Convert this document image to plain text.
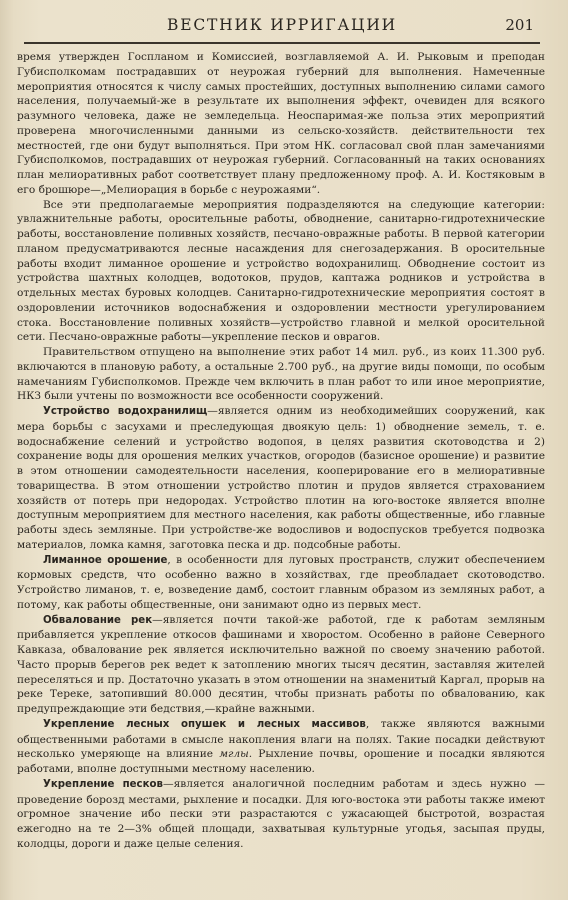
ВЕСТНИК ИРРИГАЦИИ	201

время утвержден Госпланом и Комиссией, возглавляемой А. И. Рыковым и преподан Губисполкомам пострадавших от неурожая губерний для выполнения. Намеченные мероприятия относятся к числу самых простейших, доступных выполнению силами самого населения, получаемый-же в результате их выполнения эффект, очевиден для всякого разумного человека, даже не земледельца. Неоспаримая-же польза этих мероприятий проверена многочисленными данными из сельско-хозяйств. действительности тех местностей, где они будут выполняться. При этом НК. согласовал свой план замечаниями Губисполкомов, пострадавших от неурожая губерний. Согласованный на таких основаниях план мелиоративных работ соответствует плану предложенному проф. А. И. Костяковым в его брошюре—„Мелиорация в борьбе с неурожаями“.

Все эти предполагаемые мероприятия подразделяются на следующие категории: увлажнительные работы, оросительные работы, обводнение, санитарно-гидротехнические работы, восстановление поливных хозяйств, песчано-овражные работы. В первой категории планом предусматриваются лесные насаждения для снегозадержания. В оросительные работы входит лиманное орошение и устройство водохранилищ. Обводнение состоит из устройства шахтных колодцев, водотоков, прудов, каптажа родников и устройства в отдельных местах буровых колодцев. Санитарно-гидротехнические мероприятия состоят в оздоровлении источников водоснабжения и оздоровлении местности урегулированием стока. Восстановление поливных хозяйств—устройство главной и мелкой оросительной сети. Песчано-овражные работы—укрепление песков и оврагов.

Правительством отпущено на выполнение этих работ 14 мил. руб., из коих 11.300 руб. включаются в плановую работу, а остальные 2.700 руб., на другие виды помощи, по особым намечаниям Губисполкомов. Прежде чем включить в план работ то или иное мероприятие, НКЗ были учтены по возможности все особенности сооружений.

Устройство водохранилищ—является одним из необходимейших сооружений, как мера борьбы с засухами и преследующая двоякую цель: 1) обводнение земель, т. е. водоснабжение селений и устройство водопоя, в целях развития скотоводства и 2) сохранение воды для орошения мелких участков, огородов (базисное орошение) и развитие в этом отношении самодеятельности населения, кооперирование его в мелиоративные товарищества. В этом отношении устройство плотин и прудов является страхованием хозяйств от потерь при недородах. Устройство плотин на юго-востоке является вполне доступным мероприятием для местного населения, как работы общественные, ибо главные работы здесь земляные. При устройстве-же водосливов и водоспусков требуется подвозка материалов, ломка камня, заготовка песка и др. подсобные работы.

Лиманное орошение, в особенности для луговых пространств, служит обеспечением кормовых средств, что особенно важно в хозяйствах, где преобладает скотоводство. Устройство лиманов, т. е, возведение дамб, состоит главным образом из земляных работ, а потому, как работы общественные, они занимают одно из первых мест.

Обвалование рек—является почти такой-же работой, где к работам земляным прибавляется укрепление откосов фашинами и хворостом. Особенно в районе Северного Кавказа, обвалование рек является исключительно важной по своему значению работой. Часто прорыв берегов рек ведет к затоплению многих тысяч десятин, заставляя жителей переселяться и пр. Достаточно указать в этом отношении на знаменитый Каргал, прорыв на реке Тереке, затопивший 80.000 десятин, чтобы признать работы по обвалованию, как предупреждающие эти бедствия,—крайне важными.

Укрепление лесных опушек и лесных массивов, также являются важными общественными работами в смысле накопления влаги на полях. Такие посадки действуют несколько умеряюще на влияние мглы. Рыхление почвы, орошение и посадки являются работами, вполне доступными местному населению.

Укрепление песков—является аналогичной последним работам и здесь нужно —проведение борозд местами, рыхление и посадки. Для юго-востока эти работы также имеют огромное значение ибо пески эти разрастаются с ужасающей быстротой, возрастая ежегодно на те 2—3% общей площади, захватывая культурные угодья, засыпая пруды, колодцы, дороги и даже целые селения.
